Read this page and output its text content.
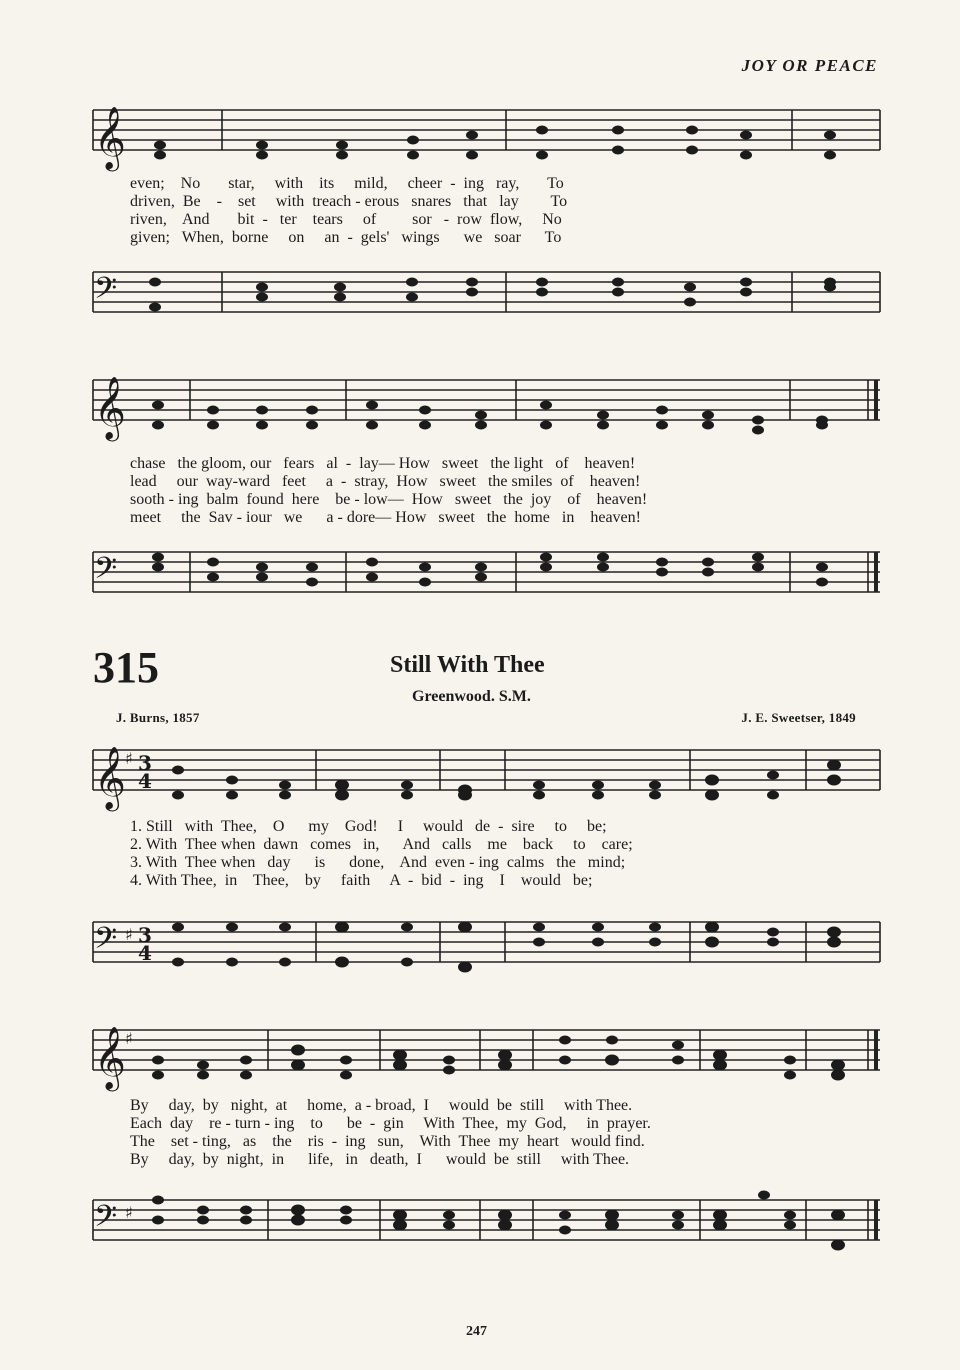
JOY OR PEACE
𝄞
even;    No       star,     with    its     mild,     cheer  -  ing   ray,       To
driven,  Be    -    set     with  treach - erous   snares   that   lay        To
riven,    And       bit  -   ter    tears     of         sor   -  row  flow,     No
given;   When,  borne     on     an  -  gels'   wings      we   soar      To
𝄢
𝄞
chase   the gloom, our   fears   al  -  lay— How   sweet   the light   of    heaven!
lead     our  way-ward   feet     a  -  stray,  How   sweet   the smiles  of    heaven!
sooth - ing  balm  found  here    be - low—  How   sweet   the  joy    of    heaven!
meet     the  Sav - iour   we      a - dore— How   sweet   the  home   in    heaven!
𝄢
315	Still With Thee
Greenwood. S.M.
J. Burns, 1857	J. E. Sweetser, 1849
𝄞 ♯ 3
4
1. Still   with  Thee,    O      my    God!     I     would   de  -  sire     to     be;
2. With  Thee when  dawn   comes   in,      And   calls    me    back     to    care;
3. With  Thee when   day      is      done,    And  even - ing  calms   the   mind;
4. With Thee,  in    Thee,    by     faith     A  -  bid  -  ing    I    would   be;
𝄢 ♯ 3
4
𝄞 ♯
By     day,  by   night,  at     home,  a - broad,  I     would  be  still     with Thee.
Each  day    re - turn - ing    to      be  -  gin     With  Thee,  my  God,     in  prayer.
The    set - ting,   as    the    ris  -  ing   sun,    With  Thee  my  heart   would find.
By     day,  by  night,  in      life,   in   death,  I      would  be  still     with Thee.
𝄢 ♯
247
